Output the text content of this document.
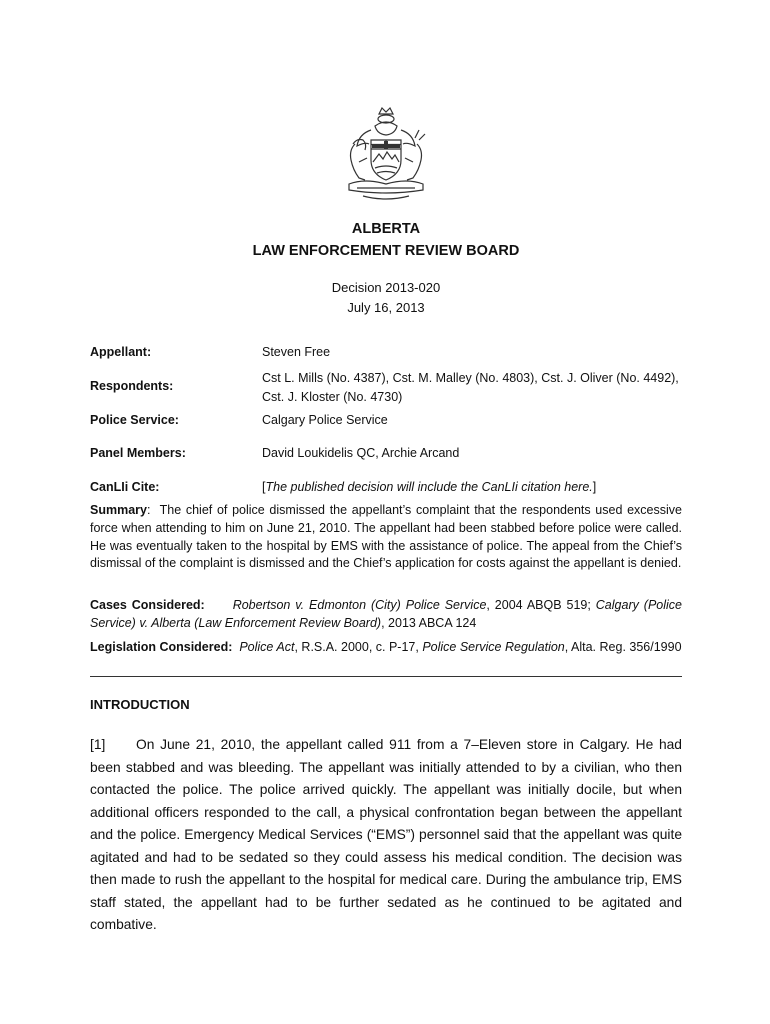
ALBERTA
LAW ENFORCEMENT REVIEW BOARD
Decision 2013-020
July 16, 2013
Appellant:	Steven Free
Respondents:
Cst L. Mills (No. 4387), Cst. M. Malley (No. 4803), Cst. J. Oliver (No. 4492), Cst. J. Kloster (No. 4730)
Police Service:	Calgary Police Service
Panel Members:	David Loukidelis QC, Archie Arcand
CanLIi Cite:	[The published decision will include the CanLIi citation here.]
Summary:  The chief of police dismissed the appellant’s complaint that the respondents used excessive force when attending to him on June 21, 2010. The appellant had been stabbed before police were called. He was eventually taken to the hospital by EMS with the assistance of police. The appeal from the Chief’s dismissal of the complaint is dismissed and the Chief’s application for costs against the appellant is denied.
Cases Considered: Robertson v. Edmonton (City) Police Service, 2004 ABQB 519; Calgary (Police Service) v. Alberta (Law Enforcement Review Board), 2013 ABCA 124
Legislation Considered: Police Act, R.S.A. 2000, c. P-17, Police Service Regulation, Alta. Reg. 356/1990
INTRODUCTION
[1] On June 21, 2010, the appellant called 911 from a 7–Eleven store in Calgary. He had been stabbed and was bleeding. The appellant was initially attended to by a civilian, who then contacted the police. The police arrived quickly. The appellant was initially docile, but when additional officers responded to the call, a physical confrontation began between the appellant and the police. Emergency Medical Services (“EMS”) personnel said that the appellant was quite agitated and had to be sedated so they could assess his medical condition. The decision was then made to rush the appellant to the hospital for medical care. During the ambulance trip, EMS staff stated, the appellant had to be further sedated as he continued to be agitated and combative.
